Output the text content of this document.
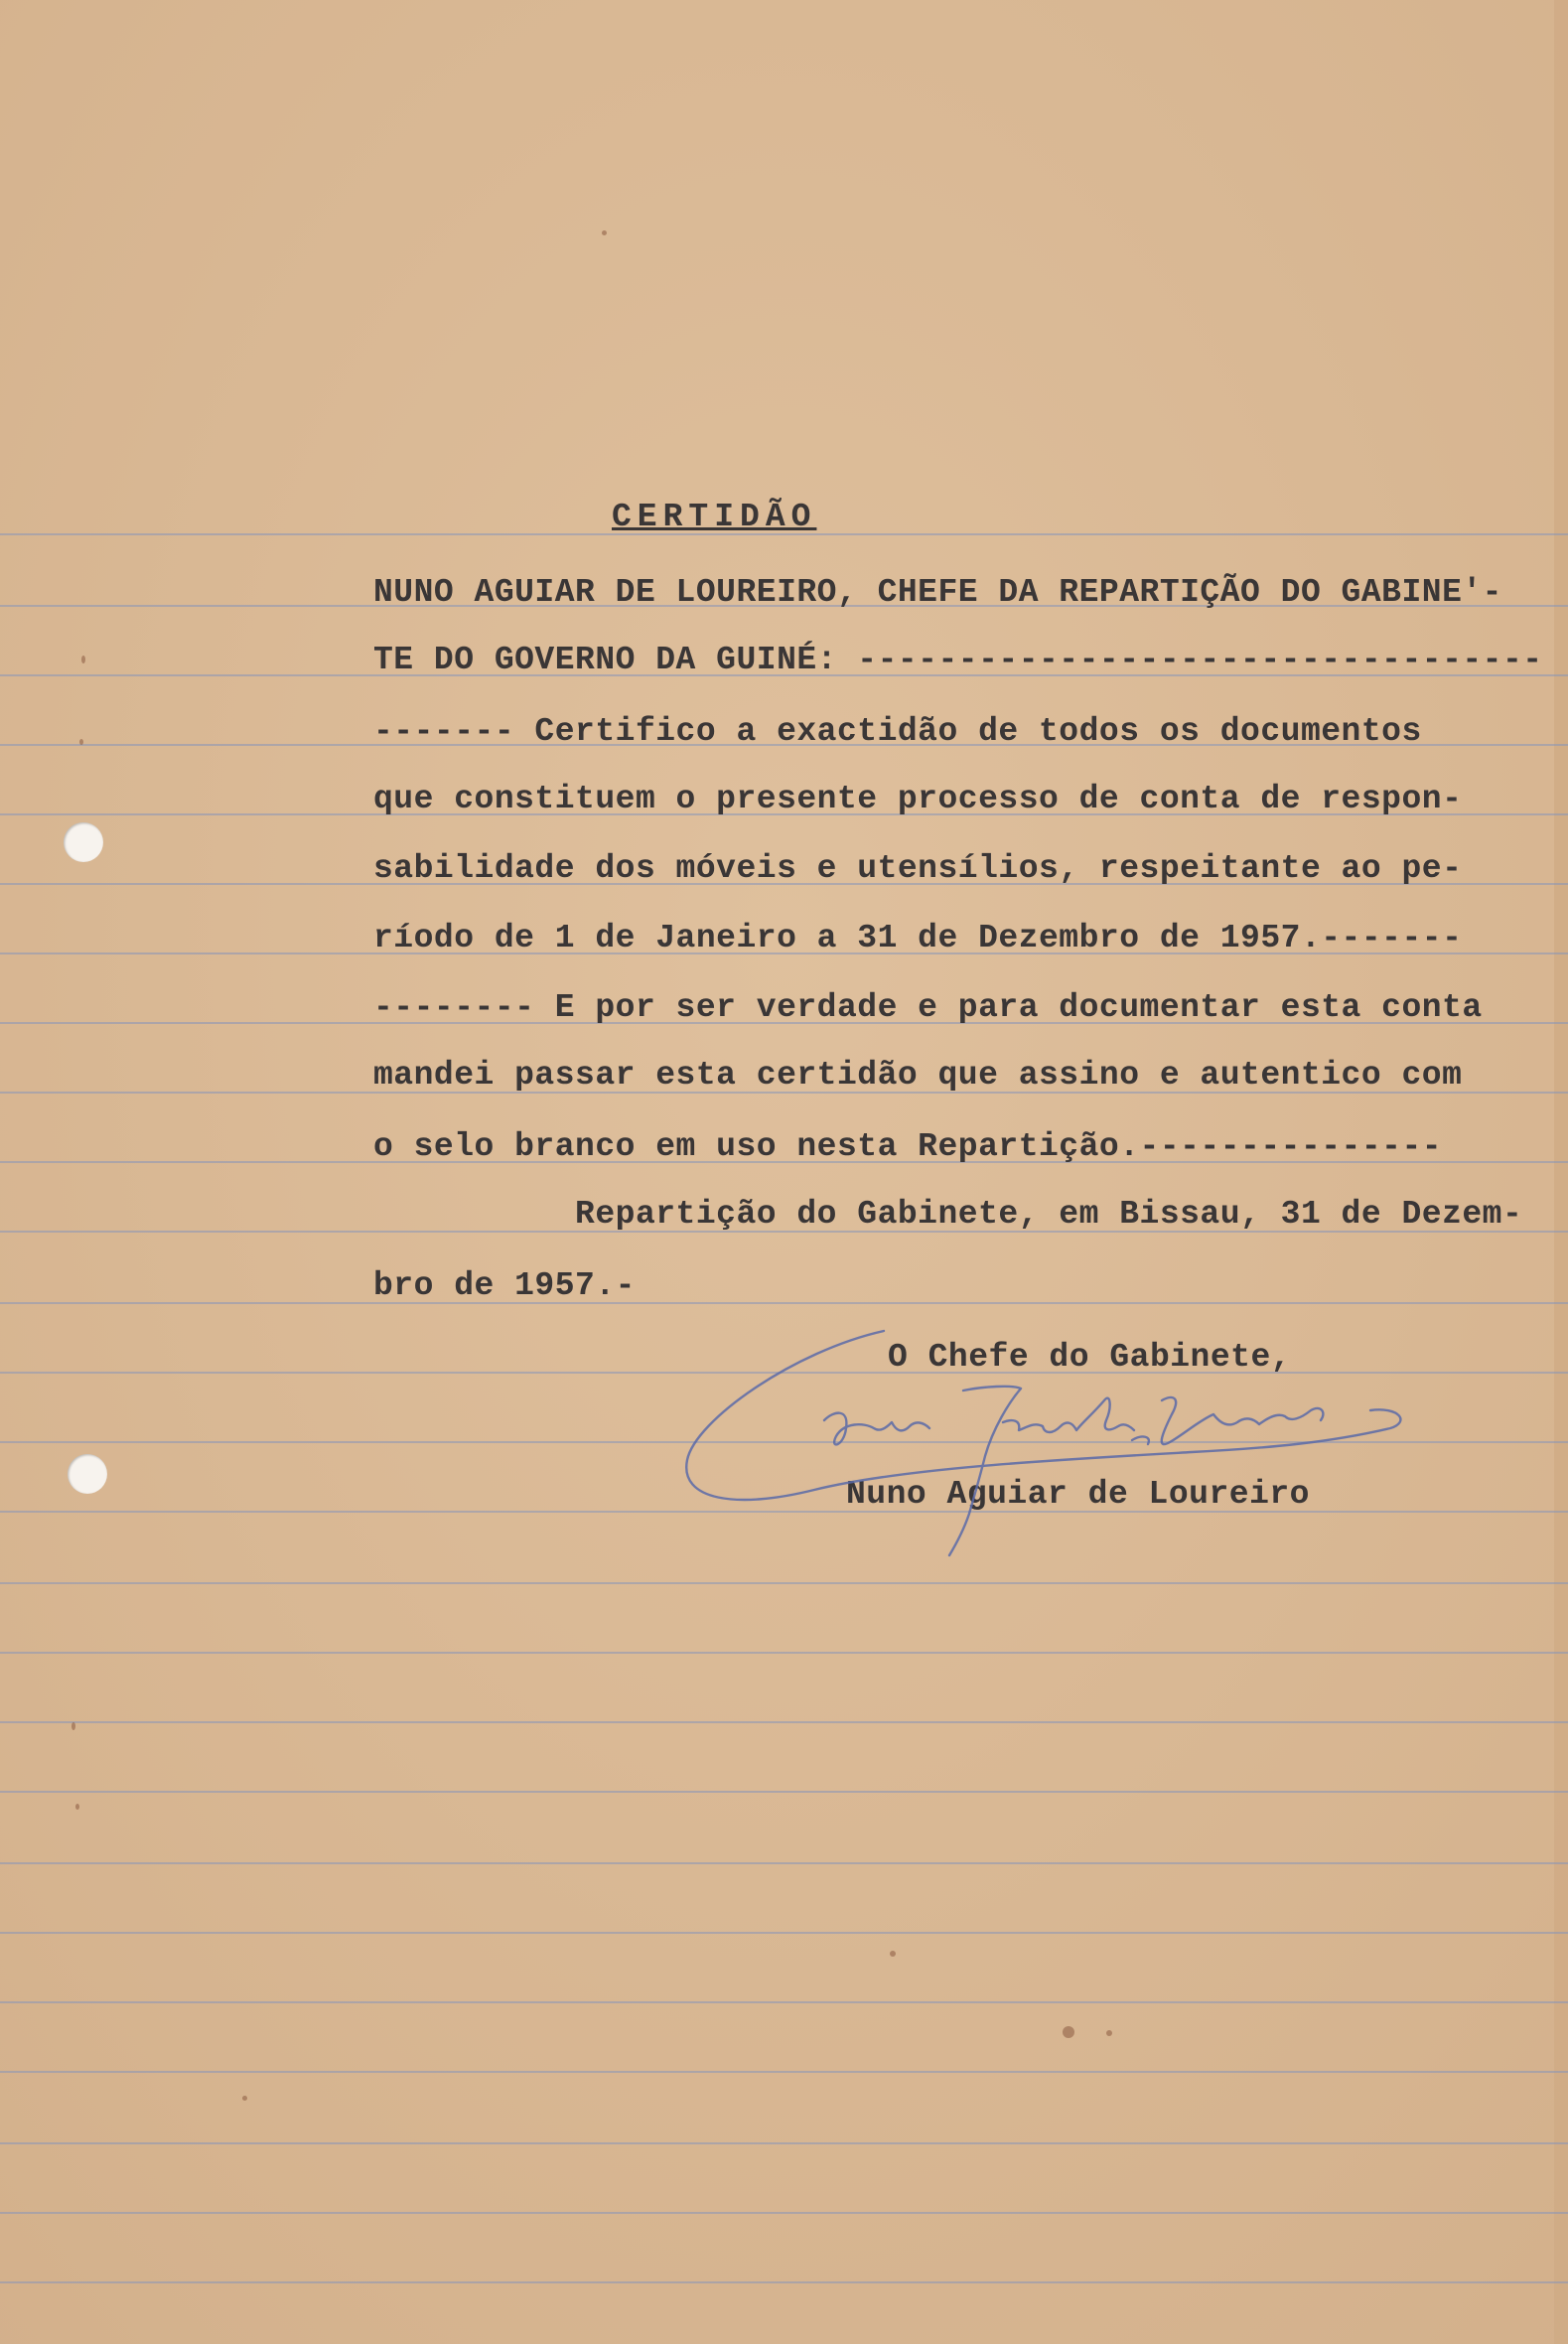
CERTIDÃO
NUNO AGUIAR DE LOUREIRO, CHEFE DA REPARTIÇÃO DO GABINE'-
TE DO GOVERNO DA GUINÉ: ----------------------------------
------- Certifico a exactidão de todos os documentos
que constituem o presente processo de conta de respon-
sabilidade dos móveis e utensílios, respeitante ao pe-
ríodo de 1 de Janeiro a 31 de Dezembro de 1957.-------
-------- E por ser verdade e para documentar esta conta
mandei passar esta certidão que assino e autentico com
o selo branco em uso nesta Repartição.---------------
Repartição do Gabinete, em Bissau, 31 de Dezem-
bro de 1957.-
O Chefe do Gabinete,
Nuno Aguiar de Loureiro
